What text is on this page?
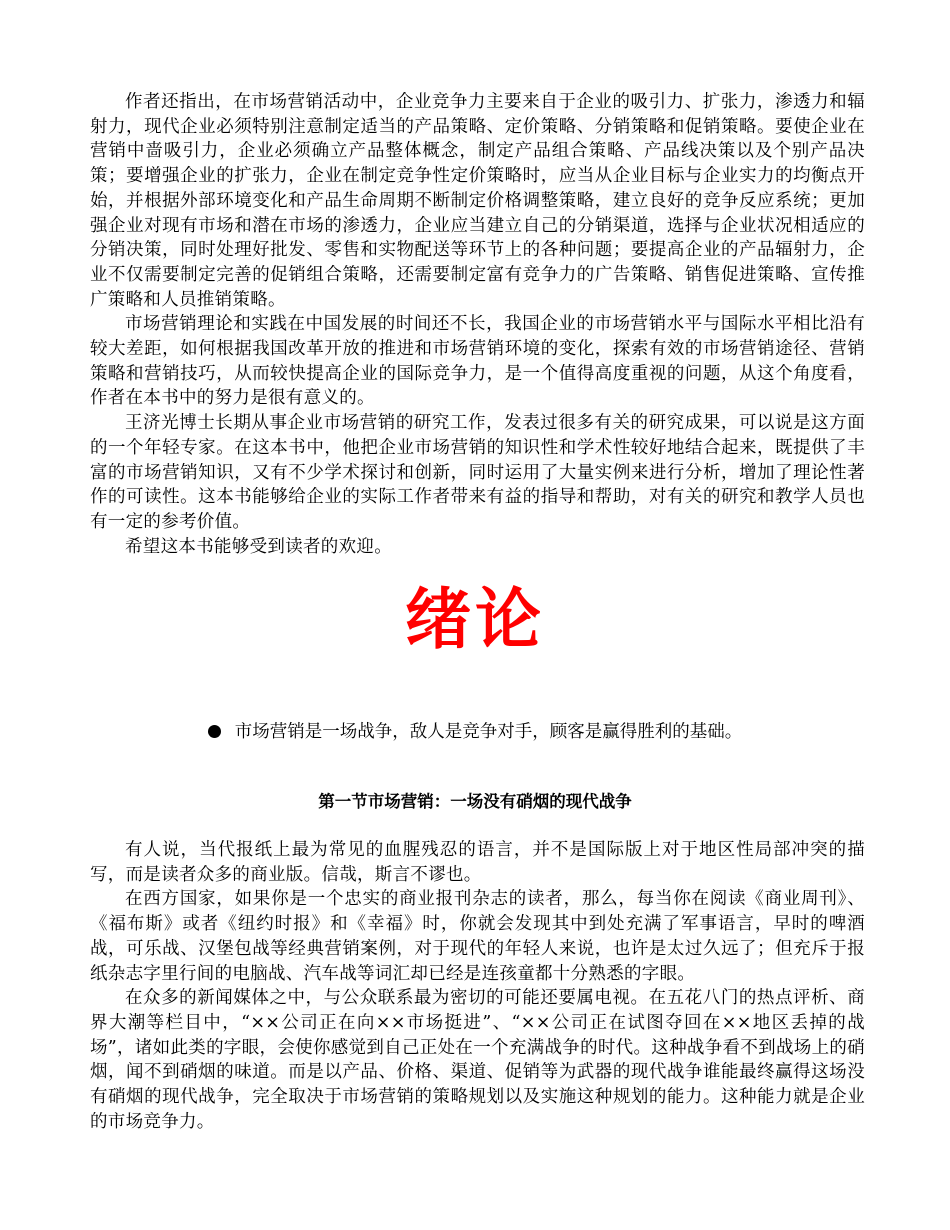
作者还指出，在市场营销活动中，企业竞争力主要来自于企业的吸引力、扩张力，渗透力和辐射力，现代企业必须特别注意制定适当的产品策略、定价策略、分销策略和促销策略。要使企业在营销中啬吸引力，企业必须确立产品整体概念，制定产品组合策略、产品线决策以及个别产品决策；要增强企业的扩张力，企业在制定竞争性定价策略时，应当从企业目标与企业实力的均衡点开始，并根据外部环境变化和产品生命周期不断制定价格调整策略，建立良好的竞争反应系统；更加强企业对现有市场和潜在市场的渗透力，企业应当建立自己的分销渠道，选择与企业状况相适应的分销决策，同时处理好批发、零售和实物配送等环节上的各种问题；要提高企业的产品辐射力，企业不仅需要制定完善的促销组合策略，还需要制定富有竞争力的广告策略、销售促进策略、宣传推广策略和人员推销策略。

市场营销理论和实践在中国发展的时间还不长，我国企业的市场营销水平与国际水平相比沿有较大差距，如何根据我国改革开放的推进和市场营销环境的变化，探索有效的市场营销途径、营销策略和营销技巧，从而较快提高企业的国际竞争力，是一个值得高度重视的问题，从这个角度看，作者在本书中的努力是很有意义的。

王济光博士长期从事企业市场营销的研究工作，发表过很多有关的研究成果，可以说是这方面的一个年轻专家。在这本书中，他把企业市场营销的知识性和学术性较好地结合起来，既提供了丰富的市场营销知识，又有不少学术探讨和创新，同时运用了大量实例来进行分析，增加了理论性著作的可读性。这本书能够给企业的实际工作者带来有益的指导和帮助，对有关的研究和教学人员也有一定的参考价值。

希望这本书能够受到读者的欢迎。

绪论
市场营销是一场战争，敌人是竞争对手，顾客是赢得胜利的基础。
第一节市场营销：一场没有硝烟的现代战争

有人说，当代报纸上最为常见的血腥残忍的语言，并不是国际版上对于地区性局部冲突的描写，而是读者众多的商业版。信哉，斯言不谬也。

在西方国家，如果你是一个忠实的商业报刊杂志的读者，那么，每当你在阅读《商业周刊》、《福布斯》或者《纽约时报》和《幸福》时，你就会发现其中到处充满了军事语言，早时的啤酒战，可乐战、汉堡包战等经典营销案例，对于现代的年轻人来说，也许是太过久远了；但充斥于报纸杂志字里行间的电脑战、汽车战等词汇却已经是连孩童都十分熟悉的字眼。

在众多的新闻媒体之中，与公众联系最为密切的可能还要属电视。在五花八门的热点评析、商界大潮等栏目中，“××公司正在向××市场挺进”、“××公司正在试图夺回在××地区丢掉的战场”，诸如此类的字眼，会使你感觉到自己正处在一个充满战争的时代。这种战争看不到战场上的硝烟，闻不到硝烟的味道。而是以产品、价格、渠道、促销等为武器的现代战争谁能最终赢得这场没有硝烟的现代战争，完全取决于市场营销的策略规划以及实施这种规划的能力。这种能力就是企业的市场竞争力。
